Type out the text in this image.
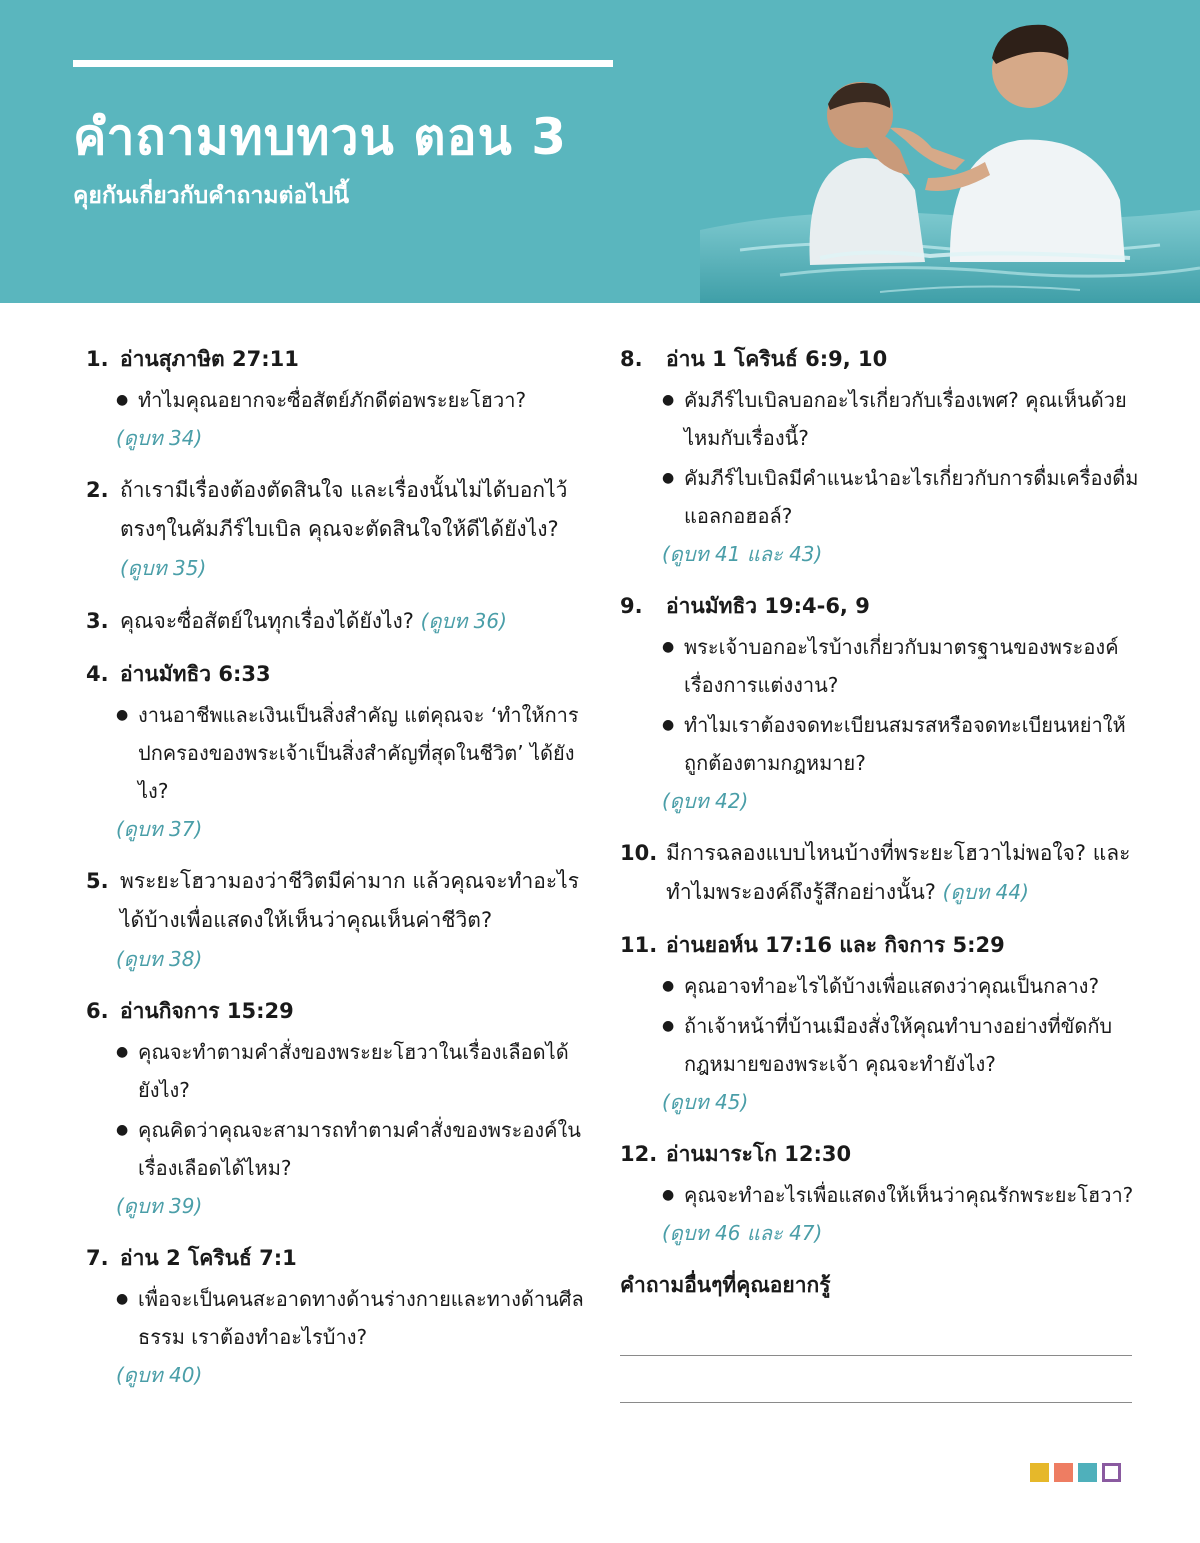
คำถามทบทวน ตอน 3
คุยกันเกี่ยวกับคำถามต่อไปนี้
1. อ่านสุภาษิต 27:11
● ทำไมคุณอยากจะซื่อสัตย์ภักดีต่อพระยะโฮวา?
(ดูบท 34)
2. ถ้าเรามีเรื่องต้องตัดสินใจ และเรื่องนั้นไม่ได้บอกไว้ตรงๆในคัมภีร์ไบเบิล คุณจะตัดสินใจให้ดีได้ยังไง? (ดูบท 35)
3. คุณจะซื่อสัตย์ในทุกเรื่องได้ยังไง? (ดูบท 36)
4. อ่านมัทธิว 6:33
● งานอาชีพและเงินเป็นสิ่งสำคัญ แต่คุณจะ ‘ทำให้การปกครองของพระเจ้าเป็นสิ่งสำคัญที่สุดในชีวิต’ ได้ยังไง?
(ดูบท 37)
5. พระยะโฮวามองว่าชีวิตมีค่ามาก แล้วคุณจะทำอะไรได้บ้างเพื่อแสดงให้เห็นว่าคุณเห็นค่าชีวิต?
(ดูบท 38)
6. อ่านกิจการ 15:29
● คุณจะทำตามคำสั่งของพระยะโฮวาในเรื่องเลือดได้ยังไง?
● คุณคิดว่าคุณจะสามารถทำตามคำสั่งของพระองค์ในเรื่องเลือดได้ไหม?
(ดูบท 39)
7. อ่าน 2 โครินธ์ 7:1
● เพื่อจะเป็นคนสะอาดทางด้านร่างกายและทางด้านศีลธรรม เราต้องทำอะไรบ้าง?
(ดูบท 40)
8.	อ่าน 1 โครินธ์ 6:9, 10
● คัมภีร์ไบเบิลบอกอะไรเกี่ยวกับเรื่องเพศ? คุณเห็นด้วยไหมกับเรื่องนี้?
● คัมภีร์ไบเบิลมีคำแนะนำอะไรเกี่ยวกับการดื่มเครื่องดื่มแอลกอฮอล์?
(ดูบท 41 และ 43)
9.	อ่านมัทธิว 19:4-6, 9
● พระเจ้าบอกอะไรบ้างเกี่ยวกับมาตรฐานของพระองค์เรื่องการแต่งงาน?
● ทำไมเราต้องจดทะเบียนสมรสหรือจดทะเบียนหย่าให้ถูกต้องตามกฎหมาย?
(ดูบท 42)
10. มีการฉลองแบบไหนบ้างที่พระยะโฮวาไม่พอใจ? และทำไมพระองค์ถึงรู้สึกอย่างนั้น? (ดูบท 44)
11. อ่านยอห์น 17:16 และ กิจการ 5:29
● คุณอาจทำอะไรได้บ้างเพื่อแสดงว่าคุณเป็นกลาง?
● ถ้าเจ้าหน้าที่บ้านเมืองสั่งให้คุณทำบางอย่างที่ขัดกับกฎหมายของพระเจ้า คุณจะทำยังไง?
(ดูบท 45)
12. อ่านมาระโก 12:30
● คุณจะทำอะไรเพื่อแสดงให้เห็นว่าคุณรักพระยะโฮวา?
(ดูบท 46 และ 47)
คำถามอื่นๆที่คุณอยากรู้
